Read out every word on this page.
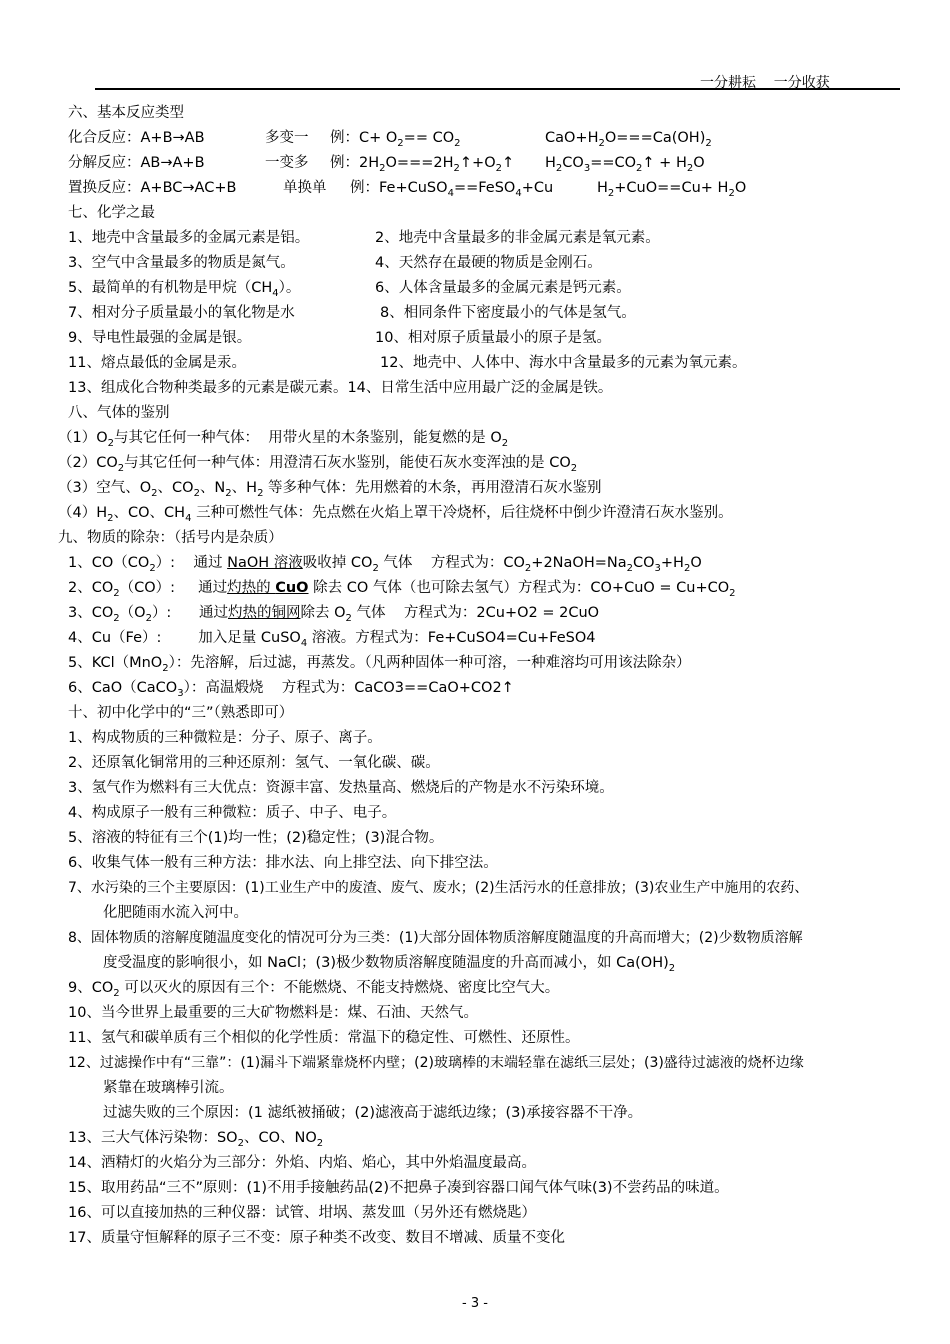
一分耕耘    一分收获
六、基本反应类型
化合反应：A+B→AB	多变一 例：$C+ O_2== CO_2$	$CaO+H_2O===Ca(OH)_2$
分解反应：AB→A+B	一变多 例：$2H_2O===2H_2↑+O_2↑$ $H_2CO_3==CO_2↑ + H_2O$
置换反应：A+BC→AC+B	单换单 例：Fe+CuSO$_4$==FeSO$_4$+Cu	$H_2+CuO==Cu+ H_2O$
七、化学之最
1、地壳中含量最多的金属元素是铝。	2、地壳中含量最多的非金属元素是氧元素。
3、空气中含量最多的物质是氮气。	4、天然存在最硬的物质是金刚石。
5、最简单的有机物是甲烷$(CH_4)$。	6、人体含量最多的金属元素是钙元素。
7、相对分子质量最小的氧化物是水	8、相同条件下密度最小的气体是氢气。
9、导电性最强的金属是银。	10、相对原子质量最小的原子是氢。
11、熔点最低的金属是汞。	12、地壳中、人体中、海水中含量最多的元素为氧元素。
13、组成化合物种类最多的元素是碳元素。14、日常生活中应用最广泛的金属是铁。
八、气体的鉴别
$(1)O_2$与其它任何一种气体：  用带火星的木条鉴别，能复燃的是 $O_2$
$(2)CO_2$与其它任何一种气体：用澄清石灰水鉴别，能使石灰水变浑浊的是 $CO_2$
（3）空气、$O_2$、$CO_2$、$N_2$、$H_2$ 等多种气体：先用燃着的木条，再用澄清石灰水鉴别
$(4)H_2$、CO、$CH_4$ 三种可燃性气体：先点燃在火焰上罩干冷烧杯，后往烧杯中倒少许澄清石灰水鉴别。
九、物质的除杂：（括号内是杂质）
1、$CO(CO_2)$:    通过 NaOH 溶液吸收掉 $CO_2$ 气体    方程式为：$CO_2+2NaOH=Na_2CO_3+H_2O$
2、$CO_2(CO)$:     通过灼热的 CuO 除去 CO 气体（也可除去氢气）方程式为：$CO+CuO = Cu+CO_2$
3、$CO_2(O_2)$:      通过灼热的铜网除去 $O_2$ 气体    方程式为：2Cu+O2 = 2CuO
4、Cu（Fe）:        加入足量 CuSO$_4$ 溶液。方程式为：Fe+CuSO4=Cu+FeSO4
5、KCl（MnO$_2$）：先溶解，后过滤，再蒸发。（凡两种固体一种可溶，一种难溶均可用该法除杂）
6、CaO（CaCO$_3$）：高温煅烧    方程式为：CaCO3==CaO+CO2↑
十、初中化学中的“三”（熟悉即可）
1、构成物质的三种微粒是：分子、原子、离子。
2、还原氧化铜常用的三种还原剂：氢气、一氧化碳、碳。
3、氢气作为燃料有三大优点：资源丰富、发热量高、燃烧后的产物是水不污染环境。
4、构成原子一般有三种微粒：质子、中子、电子。
5、溶液的特征有三个(1)均一性；(2)稳定性；(3)混合物。
6、收集气体一般有三种方法：排水法、向上排空法、向下排空法。
7、水污染的三个主要原因：(1)工业生产中的废渣、废气、废水；(2)生活污水的任意排放；(3)农业生产中施用的农药、
化肥随雨水流入河中。
8、固体物质的溶解度随温度变化的情况可分为三类：(1)大部分固体物质溶解度随温度的升高而增大；(2)少数物质溶解
度受温度的影响很小，如 NaCl；(3)极少数物质溶解度随温度的升高而减小，如 $Ca(OH)_2$
9、$CO_2$ 可以灭火的原因有三个：不能燃烧、不能支持燃烧、密度比空气大。
10、当今世界上最重要的三大矿物燃料是：煤、石油、天然气。
11、氢气和碳单质有三个相似的化学性质：常温下的稳定性、可燃性、还原性。
12、过滤操作中有“三靠”：(1)漏斗下端紧靠烧杯内壁；(2)玻璃棒的末端轻靠在滤纸三层处；(3)盛待过滤液的烧杯边缘
紧靠在玻璃棒引流。
过滤失败的三个原因：(1 滤纸被捅破；(2)滤液高于滤纸边缘；(3)承接容器不干净。
13、三大气体污染物：$SO_2$、CO、$NO_2$
14、酒精灯的火焰分为三部分：外焰、内焰、焰心，其中外焰温度最高。
15、取用药品“三不”原则：(1)不用手接触药品(2)不把鼻子凑到容器口闻气体气味(3)不尝药品的味道。
16、可以直接加热的三种仪器：试管、坩埚、蒸发皿（另外还有燃烧匙）
17、质量守恒解释的原子三不变：原子种类不改变、数目不增减、质量不变化
- 3 -
